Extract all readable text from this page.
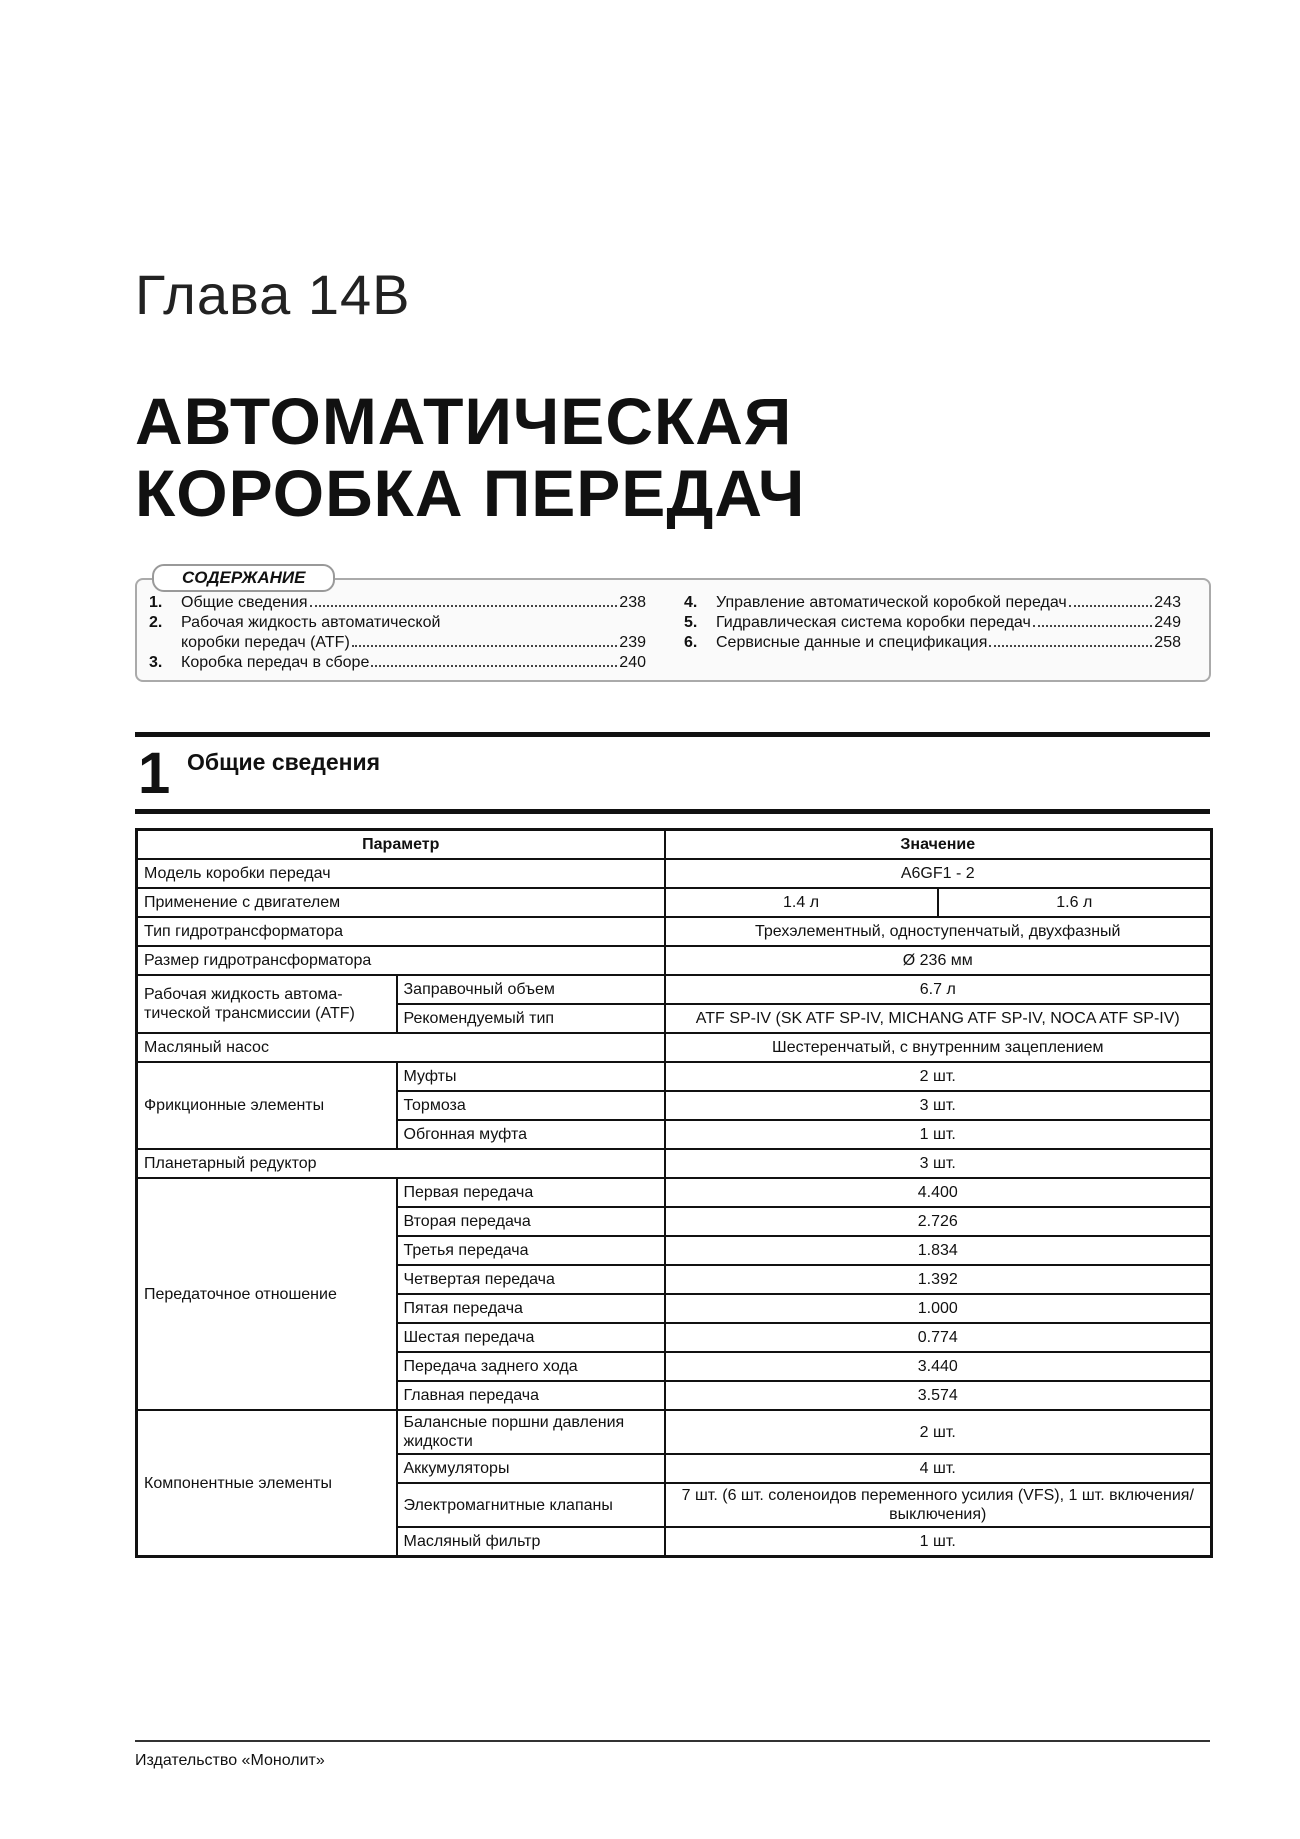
Глава 14В
АВТОМАТИЧЕСКАЯ
КОРОБКА ПЕРЕДАЧ
СОДЕРЖАНИЕ
1.	Общие сведения	238
2.	Рабочая жидкость автоматической
коробки передач (ATF)	239
3.	Коробка передач в сборе	240
4.	Управление автоматической коробкой передач	243
5.	Гидравлическая система коробки передач	249
6.	Сервисные данные и спецификация	258
1 Общие сведения
Параметр		Значение	
Модель коробки передач		A6GF1 - 2	
Применение с двигателем		1.4 л	1.6 л
Тип гидротрансформатора		Трехэлементный, одноступенчатый, двухфазный	
Размер гидротрансформатора		Ø 236 мм	
Рабочая жидкость автома-тической трансмиссии (ATF)	Заправочный объем	6.7 л	
	Рекомендуемый тип	ATF SP-IV (SK ATF SP-IV, MICHANG ATF SP-IV, NOCA ATF SP-IV)	
Масляный насос		Шестеренчатый, с внутренним зацеплением	
Фрикционные элементы	Муфты	2 шт.	
	Тормоза	3 шт.	
	Обгонная муфта	1 шт.	
Планетарный редуктор		3 шт.	
Передаточное отношение	Первая передача	4.400	
	Вторая передача	2.726	
	Третья передача	1.834	
	Четвертая передача	1.392	
	Пятая передача	1.000	
	Шестая передача	0.774	
	Передача заднего хода	3.440	
	Главная передача	3.574	
Компонентные элементы	Балансные поршни давления жидкости	2 шт.	
	Аккумуляторы	4 шт.	
	Электромагнитные клапаны	7 шт. (6 шт. соленоидов переменного усилия (VFS), 1 шт. включения/выключения)	
	Масляный фильтр	1 шт.	
Издательство «Монолит»
